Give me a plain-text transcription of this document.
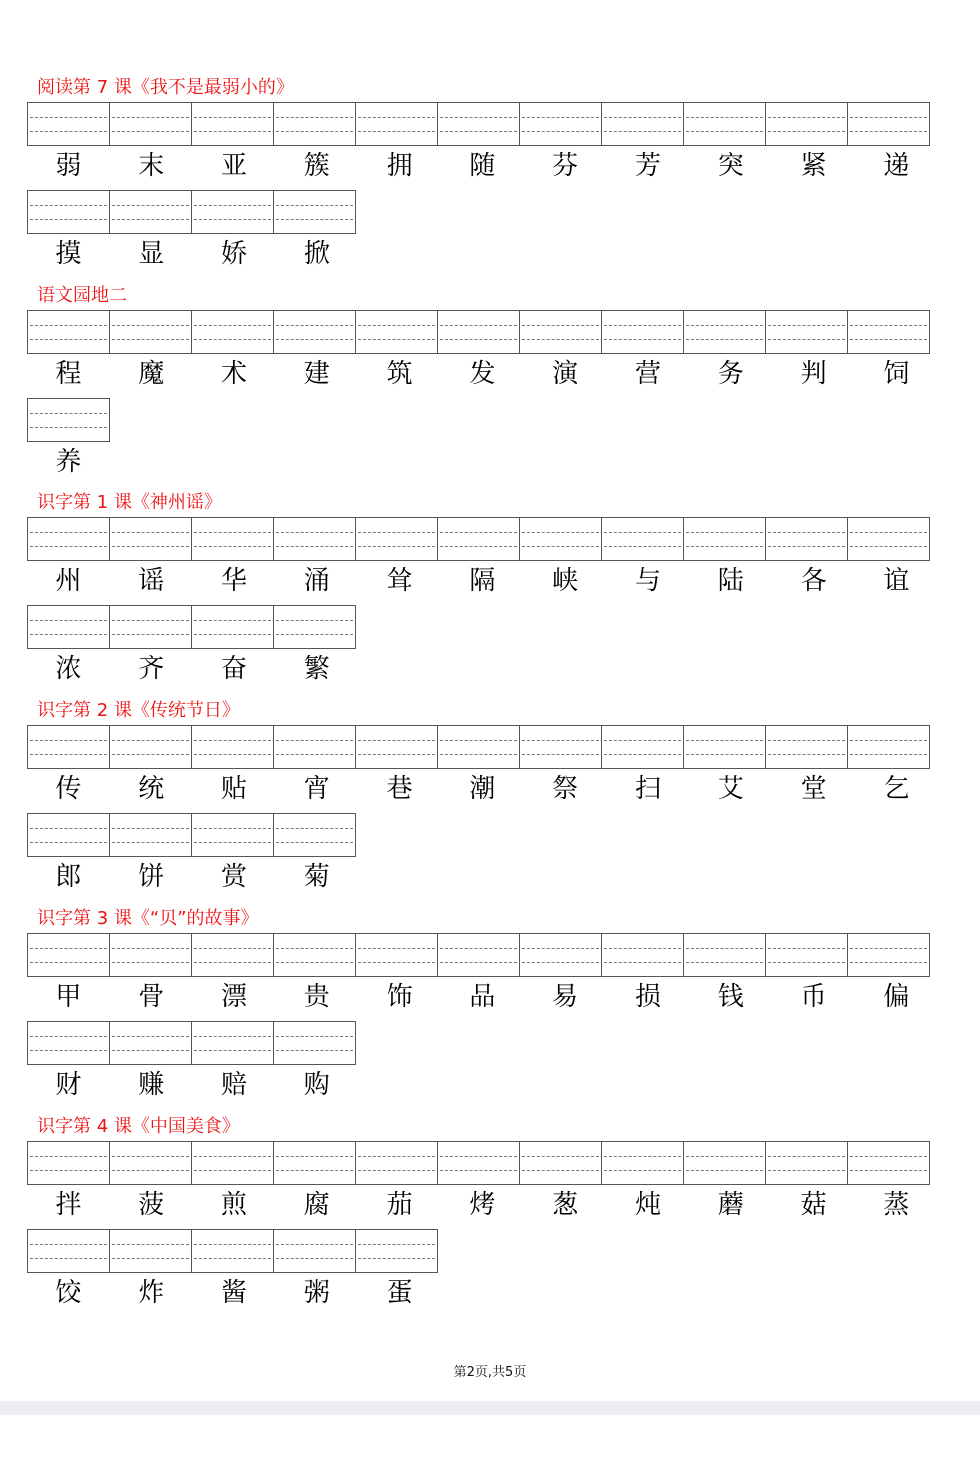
阅读第 7 课《我不是最弱小的》
弱	末	亚	簇	拥	随	芬	芳	突	紧	递
摸	显	娇	掀
语文园地二
程	魔	术	建	筑	发	演	营	务	判	饲
养
识字第 1 课《神州谣》
州	谣	华	涌	耸	隔	峡	与	陆	各	谊
浓	齐	奋	繁
识字第 2 课《传统节日》
传	统	贴	宵	巷	潮	祭	扫	艾	堂	乞
郎	饼	赏	菊
识字第 3 课《“贝”的故事》
甲	骨	漂	贵	饰	品	易	损	钱	币	偏
财	赚	赔	购
识字第 4 课《中国美食》
拌	菠	煎	腐	茄	烤	葱	炖	蘑	菇	蒸
饺	炸	酱	粥	蛋
第2页,共5页
